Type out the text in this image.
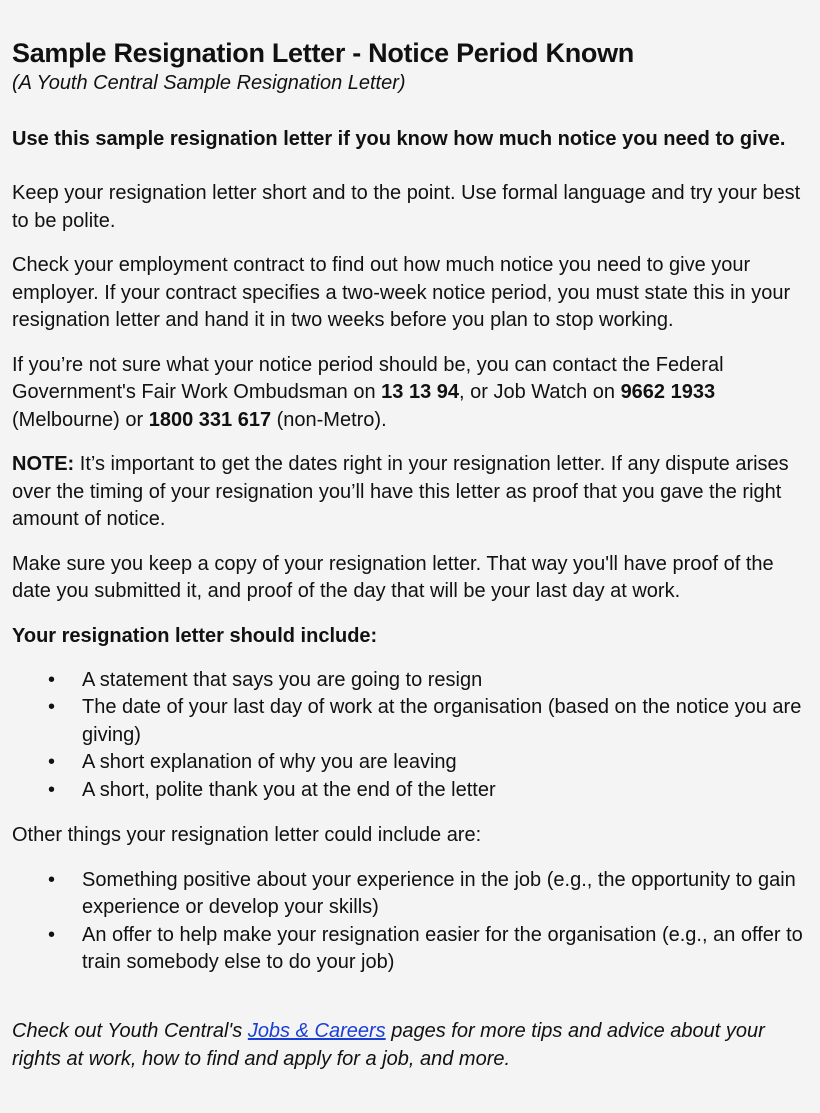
Sample Resignation Letter - Notice Period Known
(A Youth Central Sample Resignation Letter)
Use this sample resignation letter if you know how much notice you need to give.

Keep your resignation letter short and to the point. Use formal language and try your best to be polite.

Check your employment contract to find out how much notice you need to give your employer. If your contract specifies a two-week notice period, you must state this in your resignation letter and hand it in two weeks before you plan to stop working.

If you’re not sure what your notice period should be, you can contact the Federal Government's Fair Work Ombudsman on 13 13 94, or Job Watch on 9662 1933 (Melbourne) or 1800 331 617 (non-Metro).

NOTE: It’s important to get the dates right in your resignation letter. If any dispute arises over the timing of your resignation you’ll have this letter as proof that you gave the right amount of notice.

Make sure you keep a copy of your resignation letter. That way you'll have proof of the date you submitted it, and proof of the day that will be your last day at work.

Your resignation letter should include:
• A statement that says you are going to resign
• The date of your last day of work at the organisation (based on the notice you are giving)
• A short explanation of why you are leaving
• A short, polite thank you at the end of the letter

Other things your resignation letter could include are:

• Something positive about your experience in the job (e.g., the opportunity to gain experience or develop your skills)
• An offer to help make your resignation easier for the organisation (e.g., an offer to train somebody else to do your job)

Check out Youth Central's Jobs & Careers pages for more tips and advice about your rights at work, how to find and apply for a job, and more.
